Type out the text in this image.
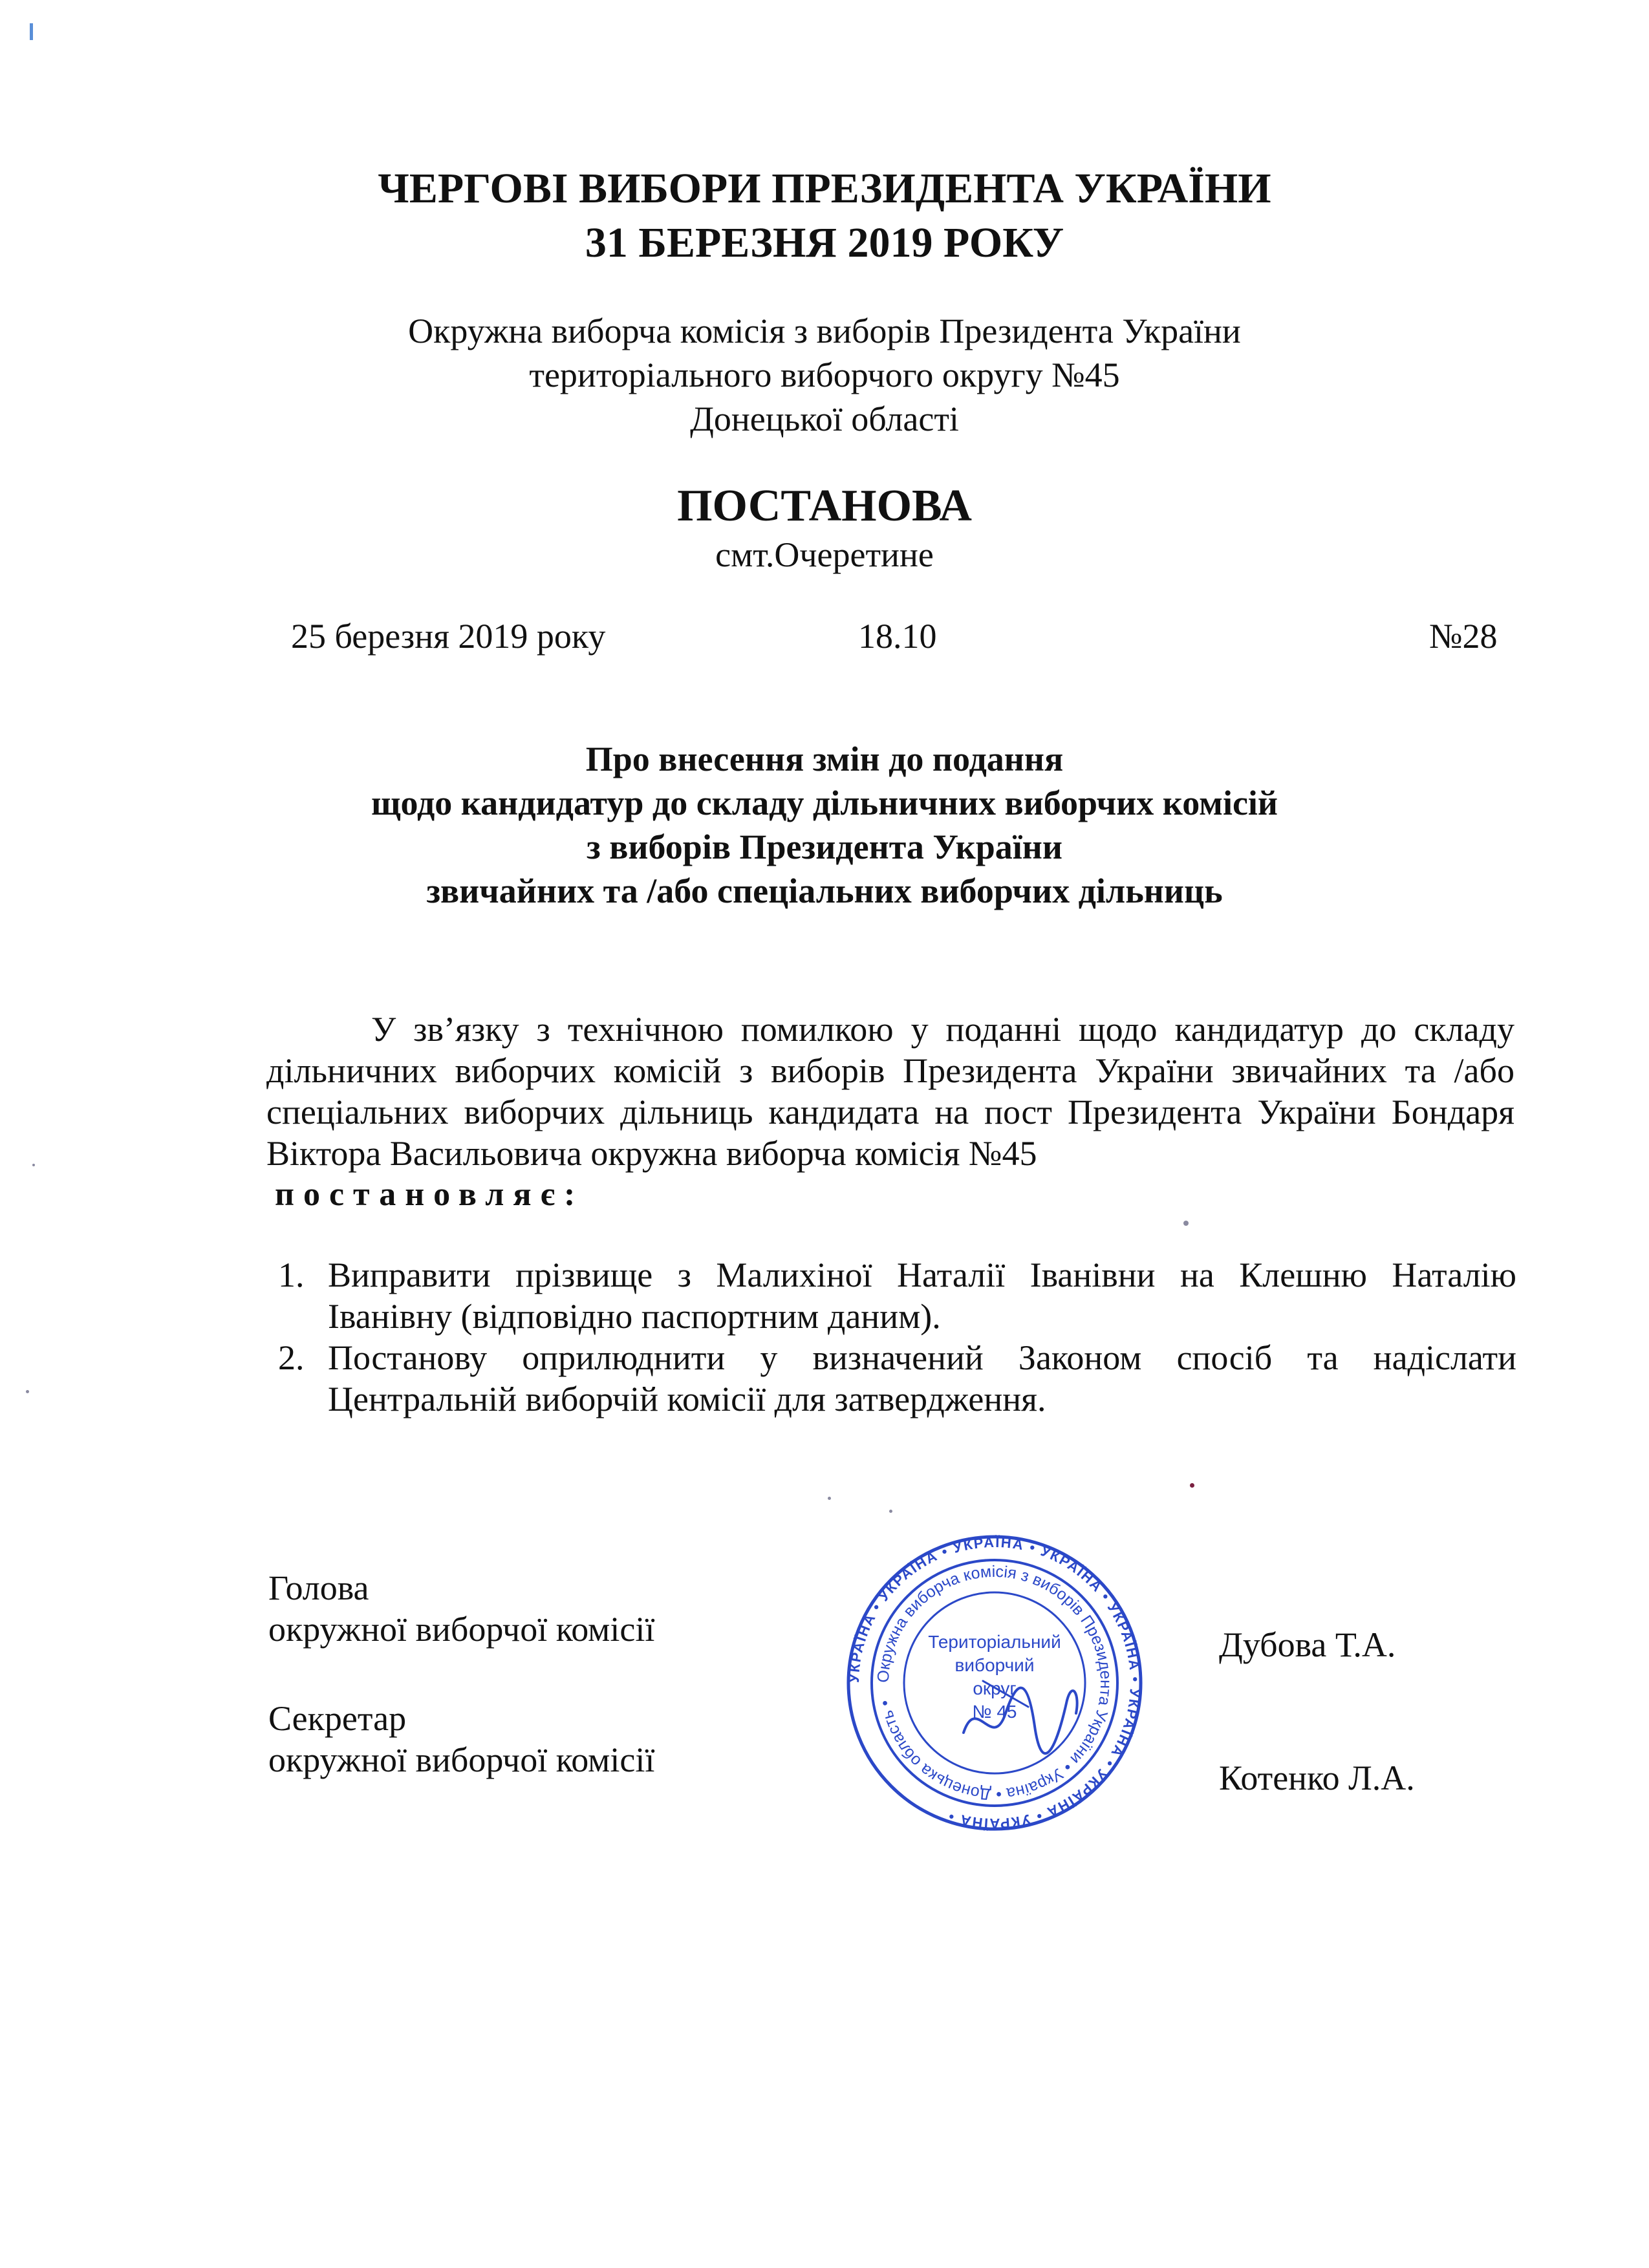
ЧЕРГОВІ ВИБОРИ ПРЕЗИДЕНТА УКРАЇНИ
31 БЕРЕЗНЯ 2019 РОКУ
Окружна виборча комісія з виборів Президента України
територіального виборчого округу №45
Донецької області
ПОСТАНОВА
смт.Очеретине
25 березня 2019 року	18.10	№28
Про внесення змін до подання
щодо кандидатур до складу дільничних виборчих комісій
з виборів Президента України
звичайних та /або спеціальних виборчих дільниць
У зв’язку з технічною помилкою у поданні щодо кандидатур до складу дільничних виборчих комісій з виборів Президента України звичайних та /або спеціальних виборчих дільниць кандидата на пост Президента України Бондаря Віктора Васильовича окружна виборча комісія №45
постановляє:
1. Виправити прізвище з Малихіної Наталії Іванівни на Клешню Наталію Іванівну (відповідно паспортним даним).
2. Постанову оприлюднити у визначений Законом спосіб та надіслати Центральній виборчій комісії для затвердження.
Голова
окружної виборчої комісії
Секретар
окружної виборчої комісії
Дубова Т.А.
Котенко Л.А.
УКРАЇНА • УКРАЇНА • УКРАЇНА • УКРАЇНА • УКРАЇНА • УКРАЇНА • УКРАЇНА • УКРАЇНА •
Окружна виборча комісія з виборів Президента України • Україна • Донецька область •
Територіальний
виборчий
округ
№ 45
